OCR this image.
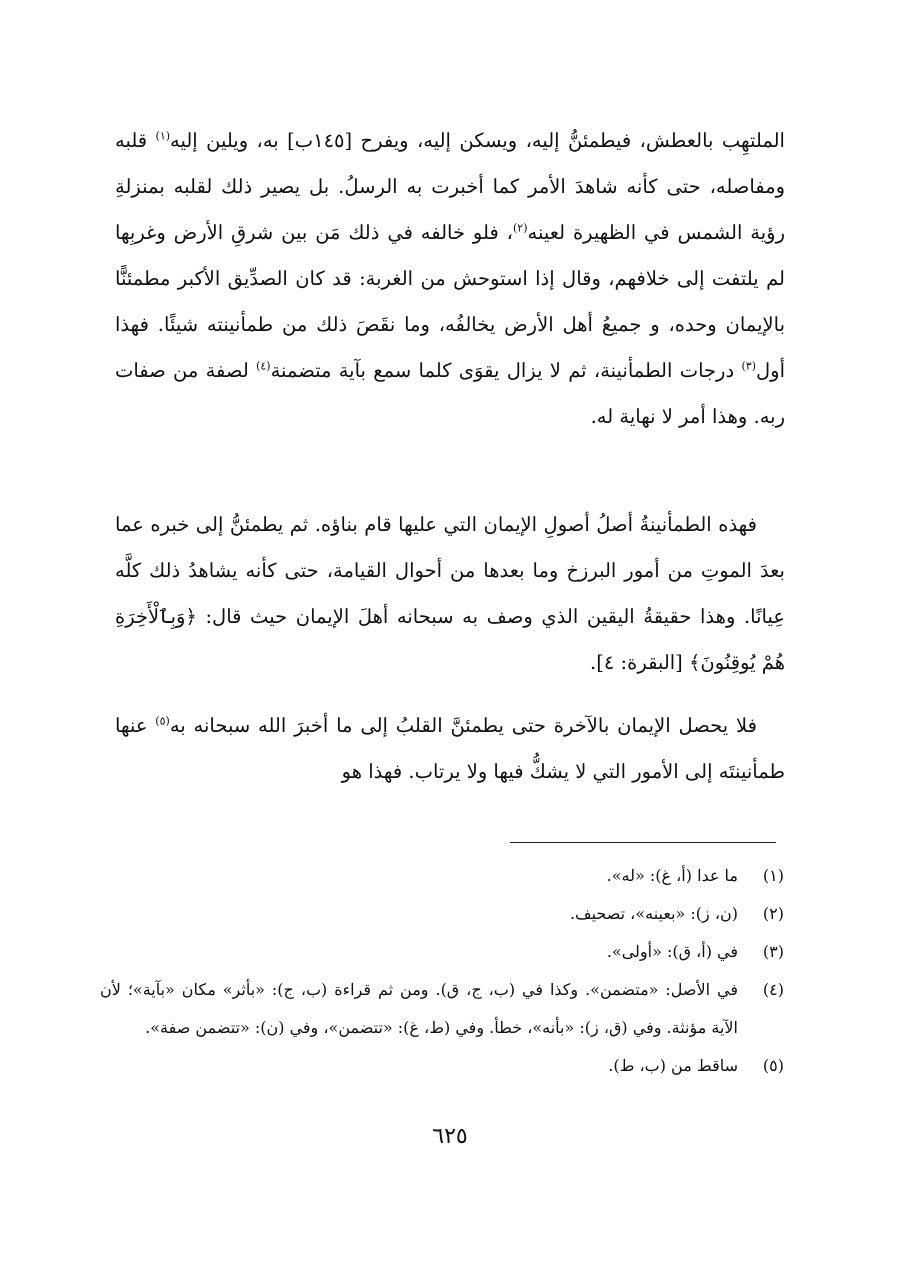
الملتهِب بالعطش، فيطمئنُّ إليه، ويسكن إليه، ويفرح [١٤٥ب] به، ويلين إليه$^{(١)}$ قلبه ومفاصله، حتى كأنه شاهدَ الأمر كما أخبرت به الرسلُ. بل يصير ذلك لقلبه بمنزلةِ رؤية الشمس في الظهيرة لعينه$^{(٢)}$، فلو خالفه في ذلك مَن بين شرقِ الأرض وغربِها لم يلتفت إلى خلافهم، وقال إذا استوحش من الغربة: قد كان الصدِّيق الأكبر مطمئنًّا بالإيمان وحده، و جميعُ أهل الأرض يخالفُه، وما نقَصَ ذلك من طمأنينته شيئًا. فهذا أول$^{(٣)}$ درجات الطمأنينة، ثم لا يزال يقوَى كلما سمع بآية متضمنة$^{(٤)}$ لصفة من صفات ربه. وهذا أمر لا نهاية له.

فهذه الطمأنينةُ أصلُ أصولِ الإيمان التي عليها قام بناؤه. ثم يطمئنُّ إلى خبره عما بعدَ الموتِ من أمور البرزخ وما بعدها من أحوال القيامة، حتى كأنه يشاهدُ ذلك كلَّه عِيانًا. وهذا حقيقةُ اليقين الذي وصف به سبحانه أهلَ الإيمان حيث قال: ﴿وَبِٱلْأَخِرَةِ هُمْ يُوقِنُونَ﴾ [البقرة: ٤].

فلا يحصل الإيمان بالآخرة حتى يطمئنَّ القلبُ إلى ما أخبرَ الله سبحانه به$^{(٥)}$ عنها طمأنينتَه إلى الأمور التي لا يشكُّ فيها ولا يرتاب. فهذا هو

(١)
ما عدا (أ، غ): «له».
(٢)
(ن، ز): «بعينه»، تصحيف.
(٣)
في (أ، ق): «أولى».
(٤)
في الأصل: «متضمن». وكذا في (ب، ج، ق). ومن ثم قراءة (ب، ج): «بأثر» مكان «بآية»؛ لأن الآية مؤنثة. وفي (ق، ز): «بأنه»، خطأ. وفي (ط، غ): «تتضمن»، وفي (ن): «تتضمن صفة».
(٥)
ساقط من (ب، ط).
٦٢٥
